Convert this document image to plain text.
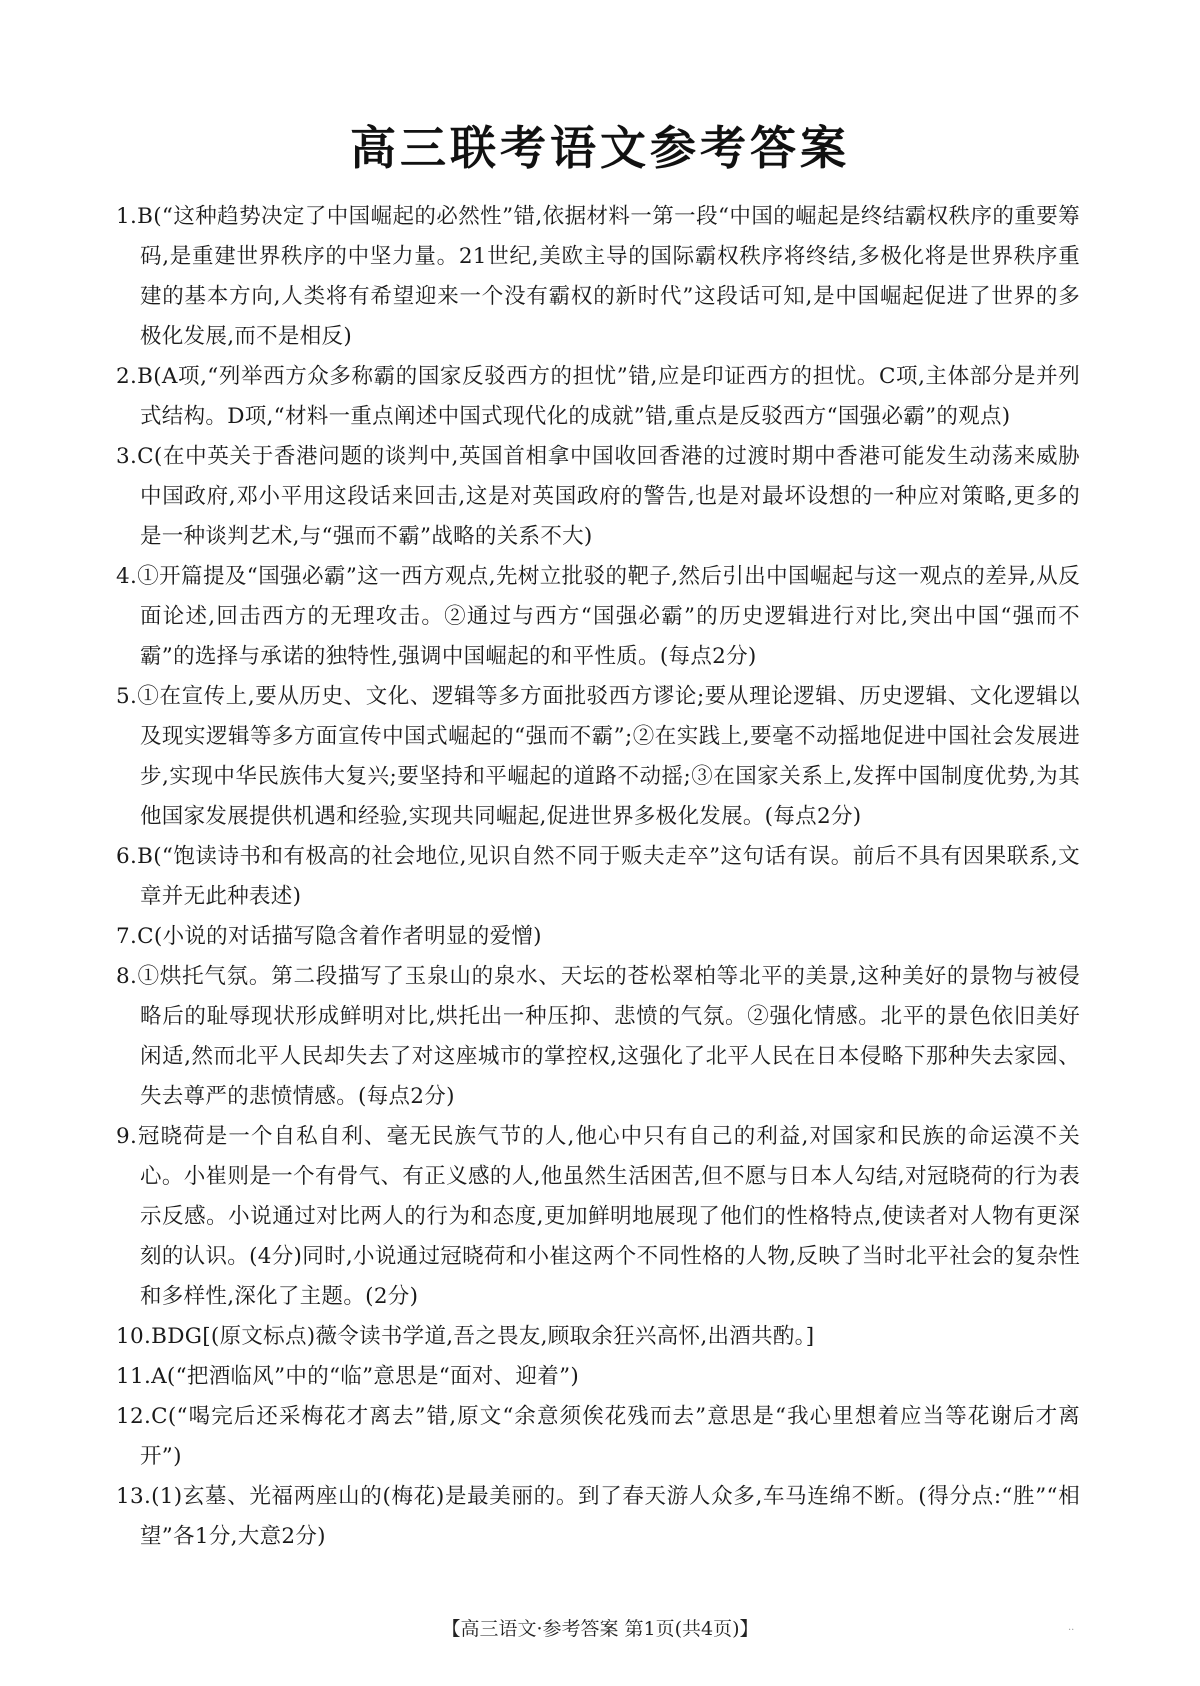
高三联考语文参考答案

1.B(“这种趋势决定了中国崛起的必然性”错,依据材料一第一段“中国的崛起是终结霸权秩序的重要筹码,是重建世界秩序的中坚力量。21世纪,美欧主导的国际霸权秩序将终结,多极化将是世界秩序重建的基本方向,人类将有希望迎来一个没有霸权的新时代”这段话可知,是中国崛起促进了世界的多极化发展,而不是相反)

2.B(A项,“列举西方众多称霸的国家反驳西方的担忧”错,应是印证西方的担忧。C项,主体部分是并列式结构。D项,“材料一重点阐述中国式现代化的成就”错,重点是反驳西方“国强必霸”的观点)

3.C(在中英关于香港问题的谈判中,英国首相拿中国收回香港的过渡时期中香港可能发生动荡来威胁中国政府,邓小平用这段话来回击,这是对英国政府的警告,也是对最坏设想的一种应对策略,更多的是一种谈判艺术,与“强而不霸”战略的关系不大)

4.①开篇提及“国强必霸”这一西方观点,先树立批驳的靶子,然后引出中国崛起与这一观点的差异,从反面论述,回击西方的无理攻击。②通过与西方“国强必霸”的历史逻辑进行对比,突出中国“强而不霸”的选择与承诺的独特性,强调中国崛起的和平性质。(每点2分)

5.①在宣传上,要从历史、文化、逻辑等多方面批驳西方谬论;要从理论逻辑、历史逻辑、文化逻辑以及现实逻辑等多方面宣传中国式崛起的“强而不霸”;②在实践上,要毫不动摇地促进中国社会发展进步,实现中华民族伟大复兴;要坚持和平崛起的道路不动摇;③在国家关系上,发挥中国制度优势,为其他国家发展提供机遇和经验,实现共同崛起,促进世界多极化发展。(每点2分)

6.B(“饱读诗书和有极高的社会地位,见识自然不同于贩夫走卒”这句话有误。前后不具有因果联系,文章并无此种表述)

7.C(小说的对话描写隐含着作者明显的爱憎)

8.①烘托气氛。第二段描写了玉泉山的泉水、天坛的苍松翠柏等北平的美景,这种美好的景物与被侵略后的耻辱现状形成鲜明对比,烘托出一种压抑、悲愤的气氛。②强化情感。北平的景色依旧美好闲适,然而北平人民却失去了对这座城市的掌控权,这强化了北平人民在日本侵略下那种失去家园、失去尊严的悲愤情感。(每点2分)

9.冠晓荷是一个自私自利、毫无民族气节的人,他心中只有自己的利益,对国家和民族的命运漠不关心。小崔则是一个有骨气、有正义感的人,他虽然生活困苦,但不愿与日本人勾结,对冠晓荷的行为表示反感。小说通过对比两人的行为和态度,更加鲜明地展现了他们的性格特点,使读者对人物有更深刻的认识。(4分)同时,小说通过冠晓荷和小崔这两个不同性格的人物,反映了当时北平社会的复杂性和多样性,深化了主题。(2分)

10.BDG[(原文标点)薇令读书学道,吾之畏友,顾取余狂兴高怀,出酒共酌。]

11.A(“把酒临风”中的“临”意思是“面对、迎着”)

12.C(“喝完后还采梅花才离去”错,原文“余意须俟花残而去”意思是“我心里想着应当等花谢后才离开”)

13.(1)玄墓、光福两座山的(梅花)是最美丽的。到了春天游人众多,车马连绵不断。(得分点:“胜”“相望”各1分,大意2分)

【高三语文·参考答案 第1页(共4页)】	..
